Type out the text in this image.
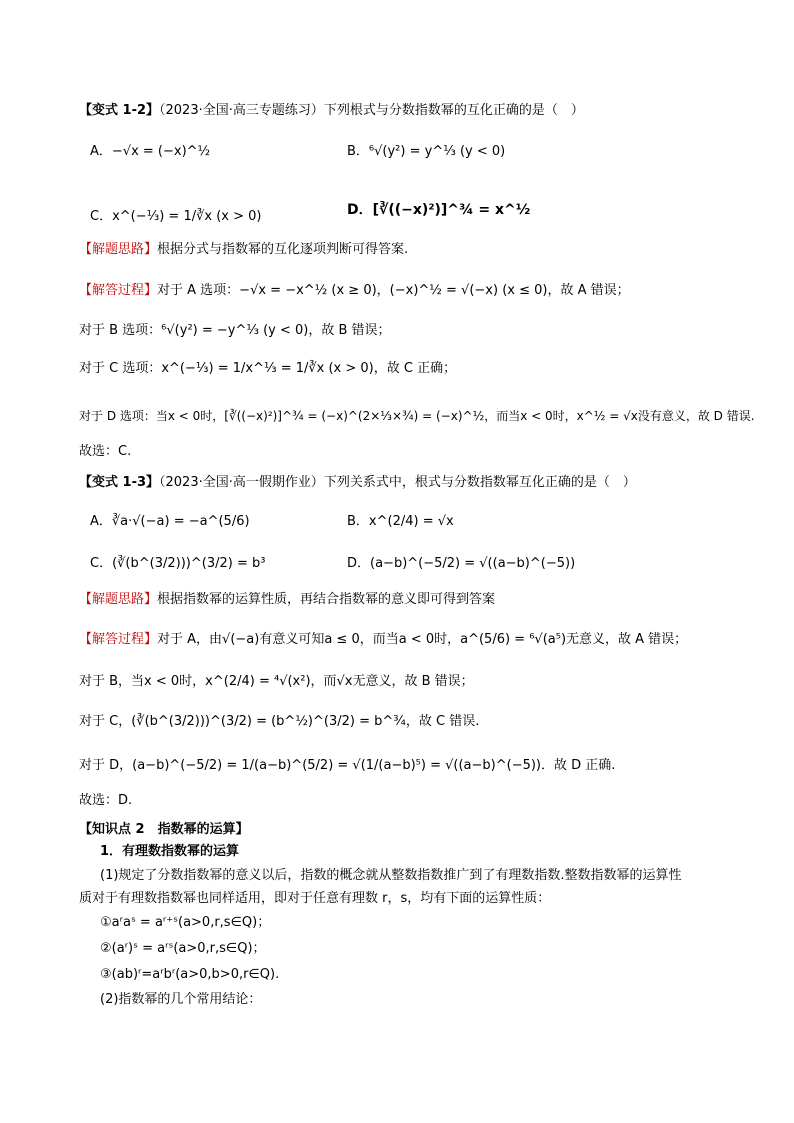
【变式 1-2】（2023·全国·高三专题练习）下列根式与分数指数幂的互化正确的是（　）
A．−√x = (−x)^½	B．⁶√(y²) = y^⅓ (y < 0)
C．x^(−⅓) = 1/∛x (x > 0)	D．[∛((−x)²)]^¾ = x^½
【解题思路】根据分式与指数幂的互化逐项判断可得答案.
【解答过程】对于 A 选项：−√x = −x^½ (x ≥ 0)，(−x)^½ = √(−x) (x ≤ 0)，故 A 错误；
对于 B 选项：⁶√(y²) = −y^⅓ (y < 0)，故 B 错误；
对于 C 选项：x^(−⅓) = 1/x^⅓ = 1/∛x (x > 0)，故 C 正确；
对于 D 选项：当x < 0时，[∛((−x)²)]^¾ = (−x)^(2×⅓×¾) = (−x)^½，而当x < 0时，x^½ = √x没有意义，故 D 错误.
故选：C.
【变式 1-3】（2023·全国·高一假期作业）下列关系式中，根式与分数指数幂互化正确的是（　）
A．∛a·√(−a) = −a^(5/6)	B．x^(2/4) = √x
C．(∛(b^(3/2)))^(3/2) = b³	D．(a−b)^(−5/2) = √((a−b)^(−5))
【解题思路】根据指数幂的运算性质，再结合指数幂的意义即可得到答案
【解答过程】对于 A，由√(−a)有意义可知a ≤ 0，而当a < 0时，a^(5/6) = ⁶√(a⁵)无意义，故 A 错误；
对于 B，当x < 0时，x^(2/4) = ⁴√(x²)，而√x无意义，故 B 错误；
对于 C，(∛(b^(3/2)))^(3/2) = (b^½)^(3/2) = b^¾，故 C 错误.
对于 D，(a−b)^(−5/2) = 1/(a−b)^(5/2) = √(1/(a−b)⁵) = √((a−b)^(−5))．故 D 正确.
故选：D.
【知识点 2　指数幂的运算】
1．有理数指数幂的运算
(1)规定了分数指数幂的意义以后，指数的概念就从整数指数推广到了有理数指数.整数指数幂的运算性
质对于有理数指数幂也同样适用，即对于任意有理数 r，s，均有下面的运算性质：
①aʳaˢ = aʳ⁺ˢ(a>0,r,s∈Q)；
②(aʳ)ˢ = aʳˢ(a>0,r,s∈Q)；
③(ab)ʳ=aʳbʳ(a>0,b>0,r∈Q).
(2)指数幂的几个常用结论：
